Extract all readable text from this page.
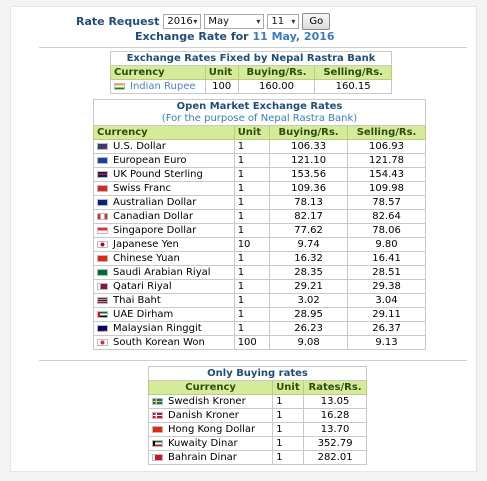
Rate Request 2016 ▾ May	▾ 11 ▾	Go
Exchange Rate for 11 May, 2016
Exchange Rates Fixed by Nepal Rastra Bank			
Currency	Unit	Buying/Rs.	Selling/Rs.

Indian Rupee	100	160.00	160.15
Open Market Exchange Rates
(For the purpose of Nepal Rastra Bank)			

Currency	Unit	Buying/Rs.	Selling/Rs.

U.S. Dollar	1	106.33	106.93

European Euro	1	121.10	121.78

UK Pound Sterling	1	153.56	154.43

Swiss Franc	1	109.36	109.98

Australian Dollar	1	78.13	78.57

Canadian Dollar	1	82.17	82.64

Singapore Dollar	1	77.62	78.06

Japanese Yen	10	9.74	9.80

Chinese Yuan	1	16.32	16.41

Saudi Arabian Riyal	1	28.35	28.51

Qatari Riyal	1	29.21	29.38

Thai Baht	1	3.02	3.04

UAE Dirham	1	28.95	29.11

Malaysian Ringgit	1	26.23	26.37

South Korean Won	100	9.08	9.13
Only Buying rates		
Currency	Unit	Rates/Rs.

Swedish Kroner	1	13.05

Danish Kroner	1	16.28

Hong Kong Dollar	1	13.70

Kuwaity Dinar	1	352.79

Bahrain Dinar	1	282.01
